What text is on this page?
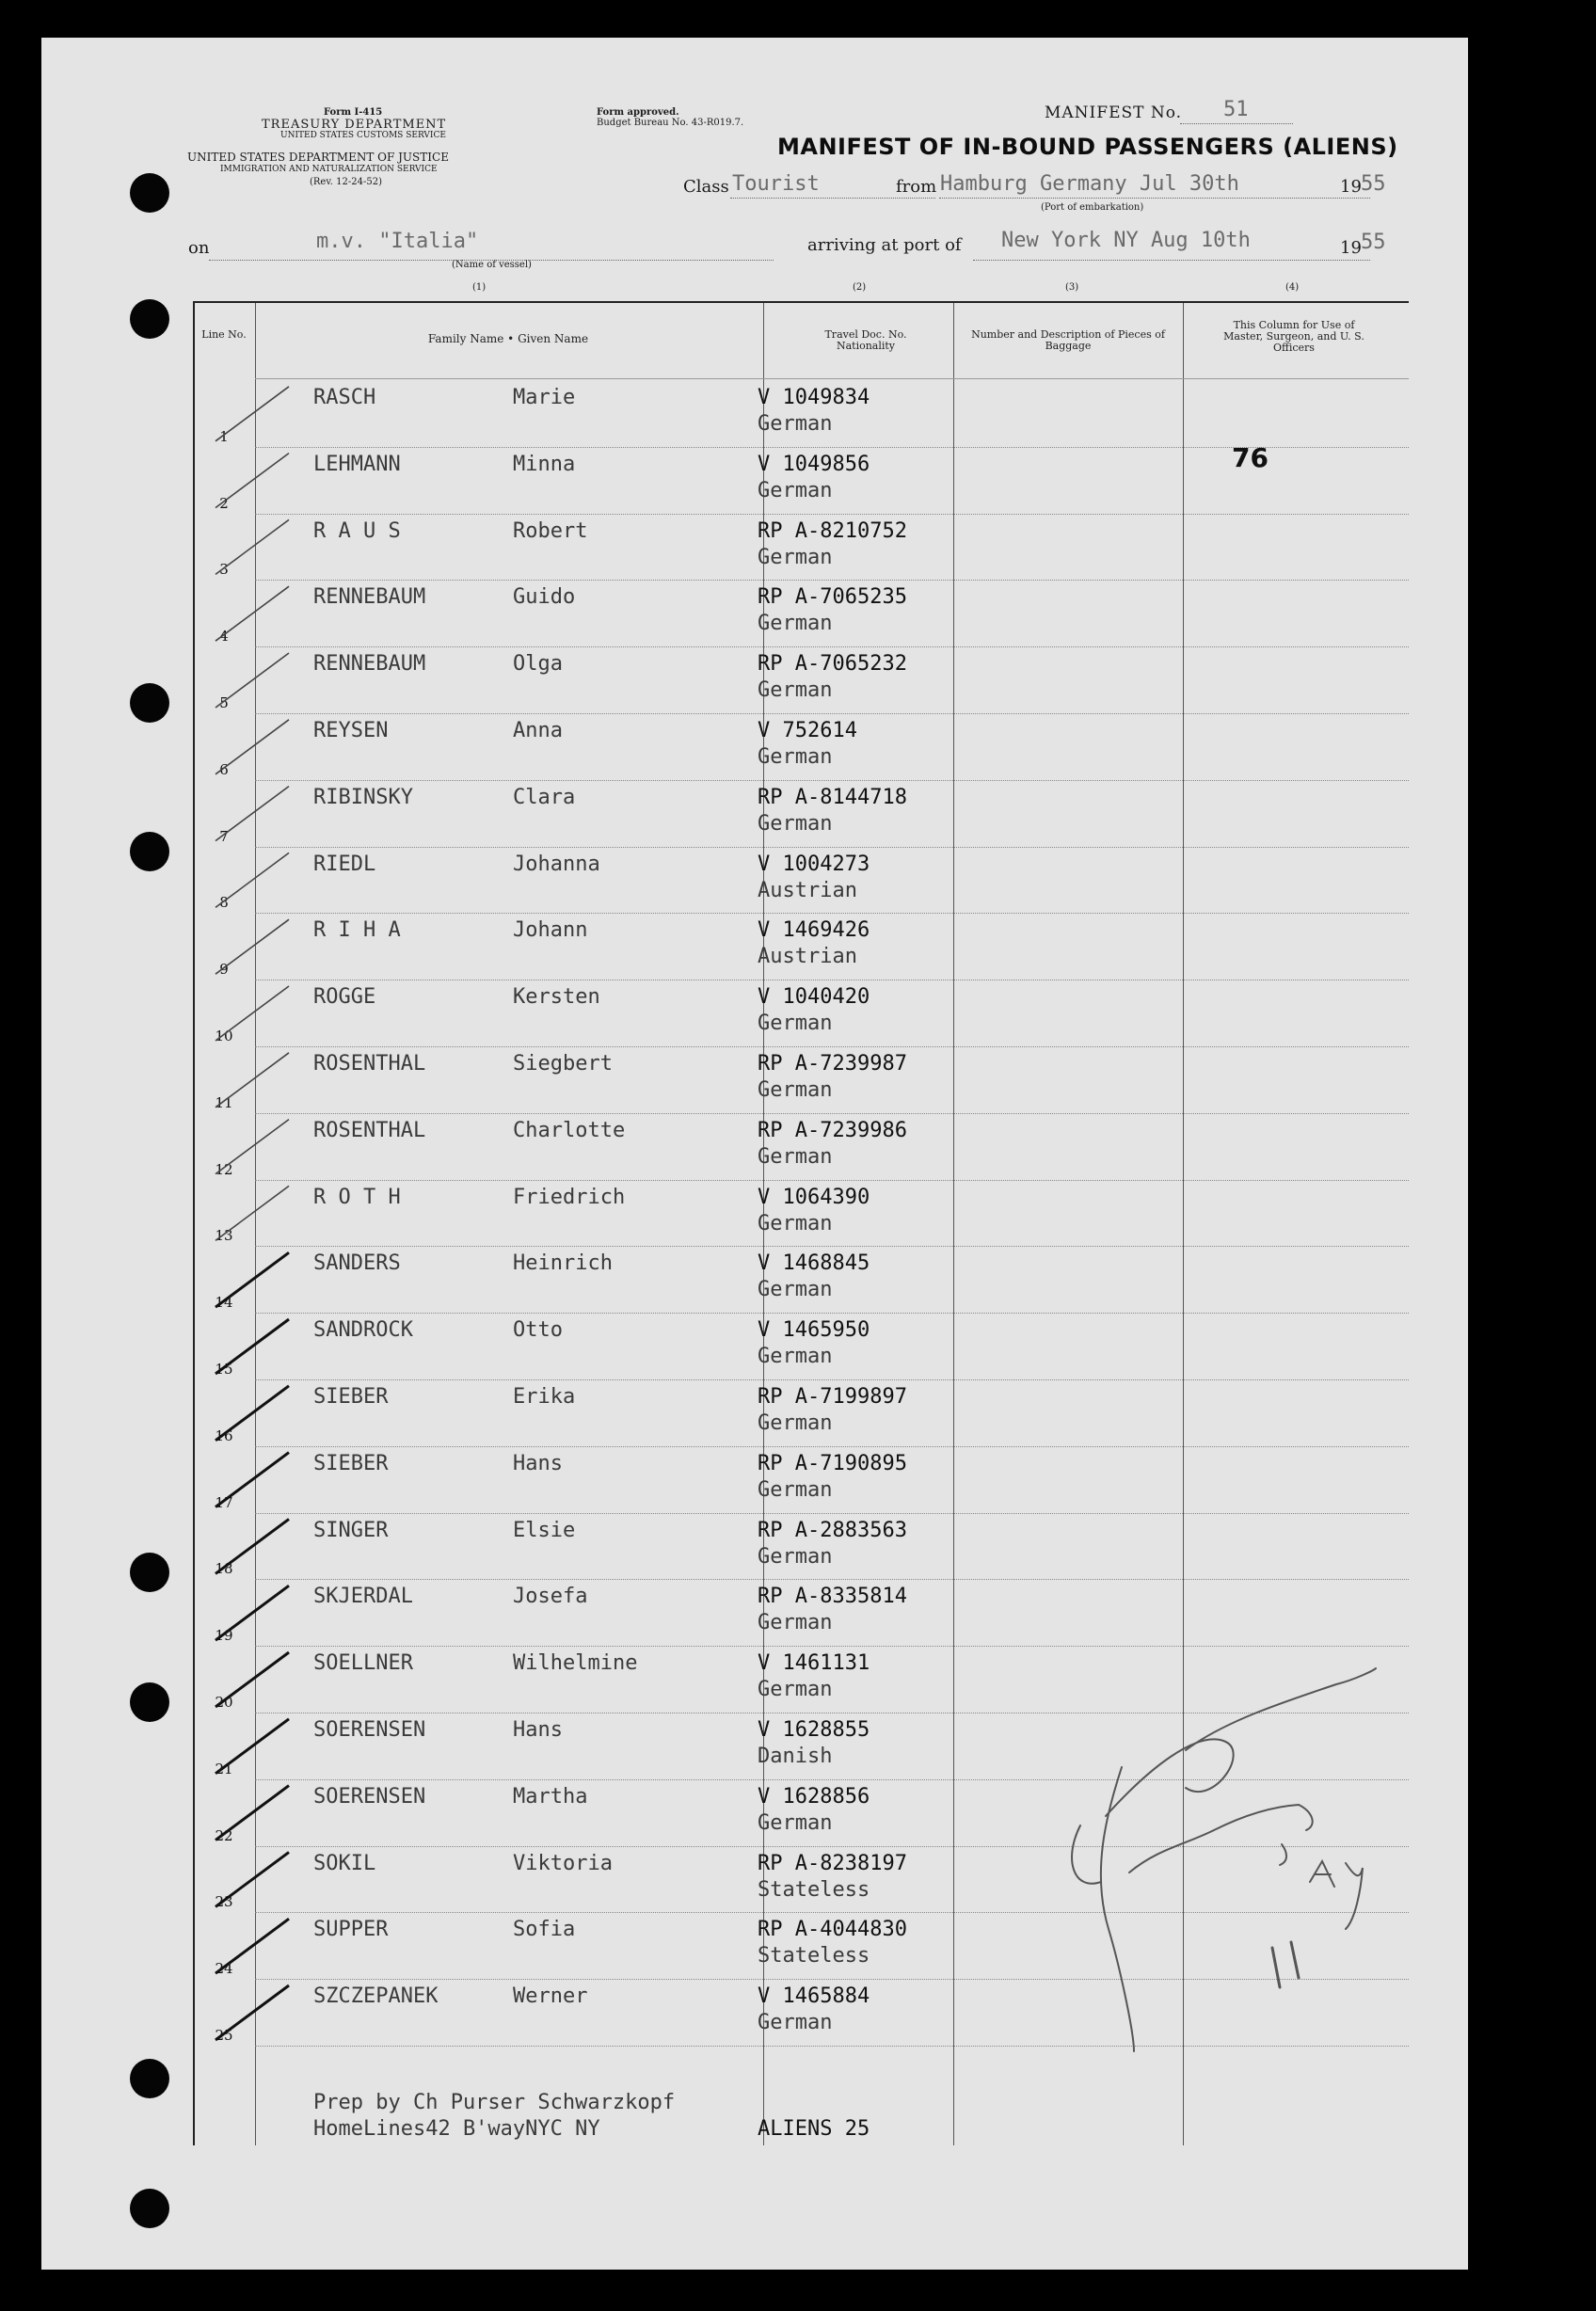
Form I-415
TREASURY DEPARTMENT
UNITED STATES CUSTOMS SERVICE
UNITED STATES DEPARTMENT OF JUSTICE
IMMIGRATION AND NATURALIZATION SERVICE
(Rev. 12-24-52)
Form approved.
Budget Bureau No. 43-R019.7.
MANIFEST No. 51
MANIFEST OF IN-BOUND PASSENGERS (ALIENS)
Class Tourist	from Hamburg Germany Jul 30th	19 55
(Port of embarkation)
on	m.v. "Italia"
(Name of vessel)
arriving at port of New York NY Aug 10th	19 55
(1)	(2)	(3)	(4)
Line No.	Family Name • Given Name	Travel Doc. No. Nationality
Number and Description of Pieces of Baggage
This Column for Use of Master, Surgeon, and U. S. Officers
1
RASCH	Marie	V 1049834
German
2
LEHMANN	Minna	V 1049856
German
3
R A U S	Robert	RP A-8210752
German
4
RENNEBAUM	Guido	RP A-7065235
German
5
RENNEBAUM	Olga	RP A-7065232
German
6
REYSEN	Anna	V 752614
German
7
RIBINSKY	Clara	RP A-8144718
German
8
RIEDL	Johanna	V 1004273
Austrian
9
R I H A	Johann	V 1469426
Austrian
10
ROGGE	Kersten	V 1040420
German
11
ROSENTHAL	Siegbert	RP A-7239987
German
12
ROSENTHAL	Charlotte	RP A-7239986
German
13
R O T H	Friedrich	V 1064390
German
14
SANDERS	Heinrich	V 1468845
German
15
SANDROCK	Otto	V 1465950
German
16
SIEBER	Erika	RP A-7199897
German
17
SIEBER	Hans	RP A-7190895
German
18
SINGER	Elsie	RP A-2883563
German
19
SKJERDAL	Josefa	RP A-8335814
German
20
SOELLNER	Wilhelmine	V 1461131
German
21
SOERENSEN	Hans	V 1628855
Danish
22
SOERENSEN	Martha	V 1628856
German
23
SOKIL	Viktoria	RP A-8238197
Stateless
24
SUPPER	Sofia	RP A-4044830
Stateless
25
SZCZEPANEK	Werner	V 1465884
German
76
Prep by Ch Purser Schwarzkopf
HomeLines42 B'wayNYC NY	ALIENS 25
